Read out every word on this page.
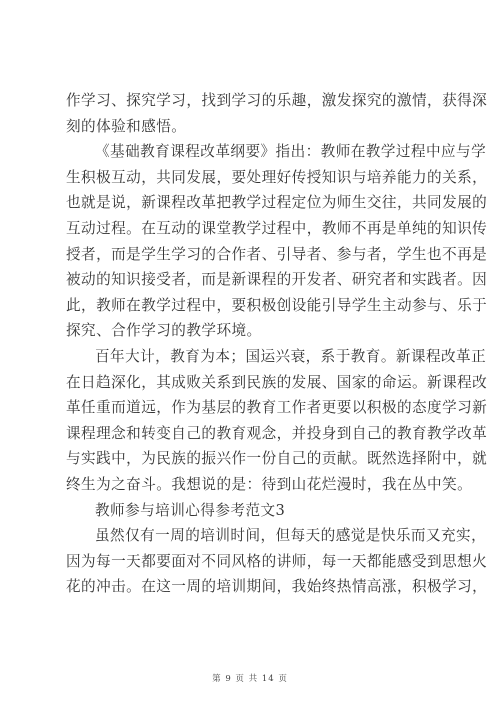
作学习、探究学习，找到学习的乐趣，激发探究的激情，获得深
刻的体验和感悟。
《基础教育课程改革纲要》指出：教师在教学过程中应与学
生积极互动，共同发展，要处理好传授知识与培养能力的关系，
也就是说，新课程改革把教学过程定位为师生交往，共同发展的
互动过程。在互动的课堂教学过程中，教师不再是单纯的知识传
授者，而是学生学习的合作者、引导者、参与者，学生也不再是
被动的知识接受者，而是新课程的开发者、研究者和实践者。因
此，教师在教学过程中，要积极创设能引导学生主动参与、乐于
探究、合作学习的教学环境。
百年大计，教育为本；国运兴衰，系于教育。新课程改革正
在日趋深化，其成败关系到民族的发展、国家的命运。新课程改
革任重而道远，作为基层的教育工作者更要以积极的态度学习新
课程理念和转变自己的教育观念，并投身到自己的教育教学改革
与实践中，为民族的振兴作一份自己的贡献。既然选择附中，就
终生为之奋斗。我想说的是：待到山花烂漫时，我在丛中笑。
教师参与培训心得参考范文3
虽然仅有一周的培训时间，但每天的感觉是快乐而又充实，
因为每一天都要面对不同风格的讲师，每一天都能感受到思想火
花的冲击。在这一周的培训期间，我始终热情高涨，积极学习，
第 9 页 共 14 页
